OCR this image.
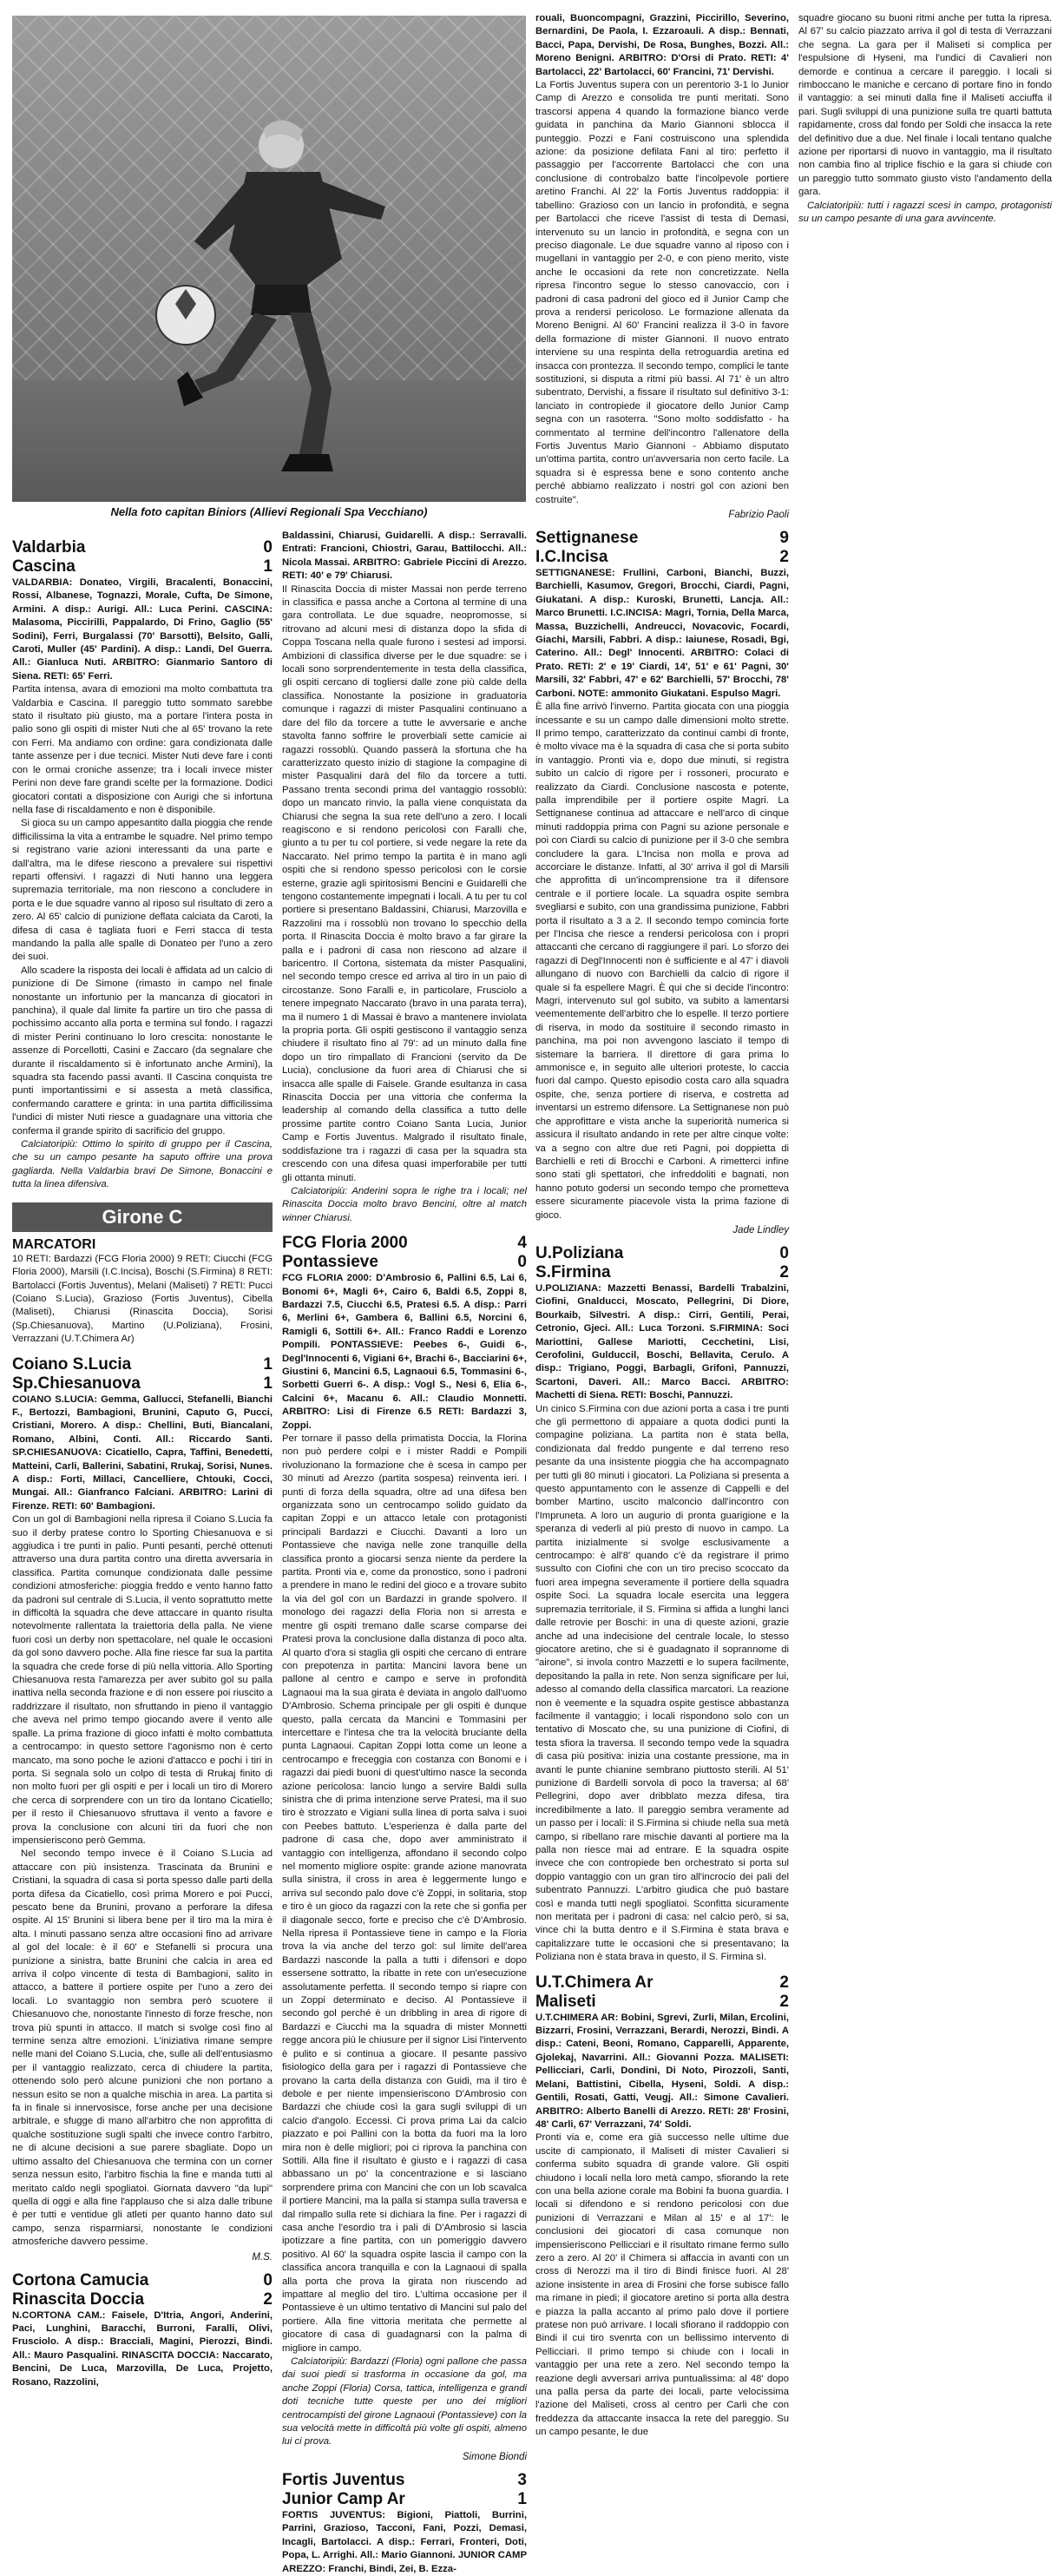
Nella foto capitan Biniors (Allievi Regionali Spa Vecchiano)
Valdarbia	0
Cascina	1
VALDARBIA: Donateo, Virgili, Bracalenti, Bonaccini, Rossi, Albanese, Tognazzi, Morale, Cufta, De Simone, Armini. A disp.: Aurigi. All.: Luca Perini. CASCINA: Malasoma, Piccirilli, Pappalardo, Di Frino, Gaglio (55' Sodini), Ferri, Burgalassi (70' Barsotti), Belsito, Galli, Caroti, Muller (45' Pardini). A disp.: Landi, Del Guerra. All.: Gianluca Nuti. ARBITRO: Gianmario Santoro di Siena. RETI: 65' Ferri.

Partita intensa, avara di emozioni ma molto combattuta tra Valdarbia e Cascina. Il pareggio tutto sommato sarebbe stato il risultato più giusto, ma a portare l'intera posta in palio sono gli ospiti di mister Nuti che al 65' trovano la rete con Ferri. Ma andiamo con ordine: gara condizionata dalle tante assenze per i due tecnici. Mister Nuti deve fare i conti con le ormai croniche assenze; tra i locali invece mister Perini non deve fare grandi scelte per la formazione. Dodici giocatori contati a disposizione con Aurigi che si infortuna nella fase di riscaldamento e non è disponibile.

Si gioca su un campo appesantito dalla pioggia che rende difficilissima la vita a entrambe le squadre. Nel primo tempo si registrano varie azioni interessanti da una parte e dall'altra, ma le difese riescono a prevalere sui rispettivi reparti offensivi. I ragazzi di Nuti hanno una leggera supremazia territoriale, ma non riescono a concludere in porta e le due squadre vanno al riposo sul risultato di zero a zero. Al 65' calcio di punizione deflata calciata da Caroti, la difesa di casa è tagliata fuori e Ferri stacca di testa mandando la palla alle spalle di Donateo per l'uno a zero dei suoi.

Allo scadere la risposta dei locali è affidata ad un calcio di punizione di De Simone (rimasto in campo nel finale nonostante un infortunio per la mancanza di giocatori in panchina), il quale dal limite fa partire un tiro che passa di pochissimo accanto alla porta e termina sul fondo. I ragazzi di mister Perini continuano lo loro crescita: nonostante le assenze di Porcellotti, Casini e Zaccaro (da segnalare che durante il riscaldamento si è infortunato anche Armini), la squadra sta facendo passi avanti. Il Cascina conquista tre punti importantissimi e si assesta a metà classifica, confermando carattere e grinta: in una partita difficilissima l'undici di mister Nuti riesce a guadagnare una vittoria che conferma il grande spirito di sacrificio del gruppo.

Calciatoripiù: Ottimo lo spirito di gruppo per il Cascina, che su un campo pesante ha saputo offrire una prova gagliarda. Nella Valdarbia bravi De Simone, Bonaccini e tutta la linea difensiva.

Girone C
MARCATORI
10 RETI: Bardazzi (FCG Floria 2000) 9 RETI: Ciucchi (FCG Floria 2000), Marsili (I.C.Incisa), Boschi (S.Firmina) 8 RETI: Bartolacci (Fortis Juventus), Melani (Maliseti) 7 RETI: Pucci (Coiano S.Lucia), Grazioso (Fortis Juventus), Cibella (Maliseti), Chiarusi (Rinascita Doccia), Sorisi (Sp.Chiesanuova), Martino (U.Poliziana), Frosini, Verrazzani (U.T.Chimera Ar)
Coiano S.Lucia	1
Sp.Chiesanuova	1
COIANO S.LUCIA: Gemma, Gallucci, Stefanelli, Bianchi F., Bertozzi, Bambagioni, Brunini, Caputo G, Pucci, Cristiani, Morero. A disp.: Chellini, Buti, Biancalani, Romano, Albini, Conti. All.: Riccardo Santi. SP.CHIESANUOVA: Cicatiello, Capra, Taffini, Benedetti, Matteini, Carli, Ballerini, Sabatini, Rrukaj, Sorisi, Nunes. A disp.: Forti, Millaci, Cancelliere, Chtouki, Cocci, Mungai. All.: Gianfranco Falciani. ARBITRO: Larini di Firenze. RETI: 60' Bambagioni.

Con un gol di Bambagioni nella ripresa il Coiano S.Lucia fa suo il derby pratese contro lo Sporting Chiesanuova e si aggiudica i tre punti in palio. Punti pesanti, perché ottenuti attraverso una dura partita contro una diretta avversaria in classifica. Partita comunque condizionata dalle pessime condizioni atmosferiche: pioggia freddo e vento hanno fatto da padroni sul centrale di S.Lucia, il vento soprattutto mette in difficoltà la squadra che deve attaccare in quanto risulta notevolmente rallentata la traiettoria della palla. Ne viene fuori così un derby non spettacolare, nel quale le occasioni da gol sono davvero poche. Alla fine riesce far sua la partita la squadra che crede forse di più nella vittoria. Allo Sporting Chiesanuova resta l'amarezza per aver subito gol su palla inattiva nella seconda frazione e di non essere poi riuscito a raddrizzare il risultato, non sfruttando in pieno il vantaggio che aveva nel primo tempo giocando avere il vento alle spalle. La prima frazione di gioco infatti è molto combattuta a centrocampo: in questo settore l'agonismo non è certo mancato, ma sono poche le azioni d'attacco e pochi i tiri in porta. Si segnala solo un colpo di testa di Rrukaj finito di non molto fuori per gli ospiti e per i locali un tiro di Morero che cerca di sorprendere con un tiro da lontano Cicatiello; per il resto il Chiesanuovo sfruttava il vento a favore e prova la conclusione con alcuni tiri da fuori che non impensieriscono però Gemma.

Nel secondo tempo invece è il Coiano S.Lucia ad attaccare con più insistenza. Trascinata da Brunini e Cristiani, la squadra di casa si porta spesso dalle parti della porta difesa da Cicatiello, così prima Morero e poi Pucci, pescato bene da Brunini, provano a perforare la difesa ospite. Al 15' Brunini si libera bene per il tiro ma la mira è alta. I minuti passano senza altre occasioni fino ad arrivare al gol del locale: è il 60' e Stefanelli si procura una punizione a sinistra, batte Brunini che calcia in area ed arriva il colpo vincente di testa di Bambagioni, salito in attacco, a battere il portiere ospite per l'uno a zero dei locali. Lo svantaggio non sembra però scuotere il Chiesanuovo che, nonostante l'innesto di forze fresche, non trova più spunti in attacco. Il match si svolge così fino al termine senza altre emozioni. L'iniziativa rimane sempre nelle mani del Coiano S.Lucia, che, sulle ali dell'entusiasmo per il vantaggio realizzato, cerca di chiudere la partita, ottenendo solo però alcune punizioni che non portano a nessun esito se non a qualche mischia in area. La partita si fa in finale si innervosisce, forse anche per una decisione arbitrale, e sfugge di mano all'arbitro che non approfitta di qualche sostituzione sugli spalti che invece contro l'arbitro, ne di alcune decisioni a sue parere sbagliate. Dopo un ultimo assalto del Chiesanuova che termina con un corner senza nessun esito, l'arbitro fischia la fine e manda tutti al meritato caldo negli spogliatoi. Giornata davvero "da lupi" quella di oggi e alla fine l'applauso che si alza dalle tribune è per tutti e ventidue gli atleti per quanto hanno dato sul campo, senza risparmiarsi, nonostante le condizioni atmosferiche davvero pessime.

M.S.
Cortona Camucia	0
Rinascita Doccia	2
N.CORTONA CAM.: Faisele, D'Itria, Angori, Anderini, Paci, Lunghini, Baracchi, Burroni, Faralli, Olivi, Frusciolo. A disp.: Bracciali, Magini, Pierozzi, Bindi. All.: Mauro Pasqualini. RINASCITA DOCCIA: Naccarato, Bencini, De Luca, Marzovilla, De Luca, Projetto, Rosano, Razzolini,
Baldassini, Chiarusi, Guidarelli. A disp.: Serravalli. Entrati: Francioni, Chiostri, Garau, Battilocchi. All.: Nicola Massai. ARBITRO: Gabriele Piccini di Arezzo. RETI: 40' e 79' Chiarusi.

Il Rinascita Doccia di mister Massai non perde terreno in classifica e passa anche a Cortona al termine di una gara controllata. Le due squadre, neopromosse, si ritrovano ad alcuni mesi di distanza dopo la sfida di Coppa Toscana nella quale furono i sestesi ad imporsi. Ambizioni di classifica diverse per le due squadre: se i locali sono sorprendentemente in testa della classifica, gli ospiti cercano di togliersi dalle zone più calde della classifica. Nonostante la posizione in graduatoria comunque i ragazzi di mister Pasqualini continuano a dare del filo da torcere a tutte le avversarie e anche stavolta fanno soffrire le proverbiali sette camicie ai ragazzi rossoblù. Quando passerà la sfortuna che ha caratterizzato questo inizio di stagione la compagine di mister Pasqualini darà del filo da torcere a tutti. Passano trenta secondi prima del vantaggio rossoblù: dopo un mancato rinvio, la palla viene conquistata da Chiarusi che segna la sua rete dell'uno a zero. I locali reagiscono e si rendono pericolosi con Faralli che, giunto a tu per tu col portiere, si vede negare la rete da Naccarato. Nel primo tempo la partita è in mano agli ospiti che si rendono spesso pericolosi con le corsie esterne, grazie agli spiritosismi Bencini e Guidarelli che tengono costantemente impegnati i locali. A tu per tu col portiere si presentano Baldassini, Chiarusi, Marzovilla e Razzolini ma i rossoblù non trovano lo specchio della porta. Il Rinascita Doccia è molto bravo a far girare la palla e i padroni di casa non riescono ad alzare il baricentro. Il Cortona, sistemata da mister Pasqualini, nel secondo tempo cresce ed arriva al tiro in un paio di circostanze. Sono Faralli e, in particolare, Frusciolo a tenere impegnato Naccarato (bravo in una parata terra), ma il numero 1 di Massai è bravo a mantenere inviolata la propria porta. Gli ospiti gestiscono il vantaggio senza chiudere il risultato fino al 79': ad un minuto dalla fine dopo un tiro rimpallato di Francioni (servito da De Lucia), conclusione da fuori area di Chiarusi che si insacca alle spalle di Faisele. Grande esultanza in casa Rinascita Doccia per una vittoria che conferma la leadership al comando della classifica a tutto delle prossime partite contro Coiano Santa Lucia, Junior Camp e Fortis Juventus. Malgrado il risultato finale, soddisfazione tra i ragazzi di casa per la squadra sta crescendo con una difesa quasi imperforabile per tutti gli ottanta minuti.

Calciatoripiù: Anderini sopra le righe tra i locali; nel Rinascita Doccia molto bravo Bencini, oltre al match winner Chiarusi.

FCG Floria 2000	4
Pontassieve	0
FCG FLORIA 2000: D'Ambrosio 6, Pallini 6.5, Lai 6, Bonomi 6+, Magli 6+, Cairo 6, Baldi 6.5, Zoppi 8, Bardazzi 7.5, Ciucchi 6.5, Pratesi 6.5. A disp.: Parri 6, Merlini 6+, Gambera 6, Ballini 6.5, Norcini 6, Ramigli 6, Sottili 6+. All.: Franco Raddi e Lorenzo Pompili. PONTASSIEVE: Peebes 6-, Guidi 6-, Degl'Innocenti 6, Vigiani 6+, Brachi 6-, Bacciarini 6+, Giustini 6, Mancini 6.5, Lagnaoui 6.5, Tommasini 6-, Sorbetti Guerri 6-. A disp.: Vogl S., Nesi 6, Elia 6-, Calcini 6+, Macanu 6. All.: Claudio Monnetti. ARBITRO: Lisi di Firenze 6.5 RETI: Bardazzi 3, Zoppi.

Per tornare il passo della primatista Doccia, la Florina non può perdere colpi e i mister Raddi e Pompili rivoluzionano la formazione che è scesa in campo per 30 minuti ad Arezzo (partita sospesa) reinventa ieri. I punti di forza della squadra, oltre ad una difesa ben organizzata sono un centrocampo solido guidato da capitan Zoppi e un attacco letale con protagonisti principali Bardazzi e Ciucchi. Davanti a loro un Pontassieve che naviga nelle zone tranquille della classifica pronto a giocarsi senza niente da perdere la partita. Pronti via e, come da pronostico, sono i padroni a prendere in mano le redini del gioco e a trovare subito la via del gol con un Bardazzi in grande spolvero. Il monologo dei ragazzi della Floria non si arresta e mentre gli ospiti tremano dalle scarse comparse dei Pratesi prova la conclusione dalla distanza di poco alta. Al quarto d'ora si staglia gli ospiti che cercano di entrare con prepotenza in partita: Mancini lavora bene un pallone al centro e campo e serve in profondità Lagnaoui ma la sua girata è deviata in angolo dall'uomo D'Ambrosio. Schema principale per gli ospiti è dunque questo, palla cercata da Mancini e Tommasini per intercettare e l'intesa che tra la velocità bruciante della punta Lagnaoui. Capitan Zoppi lotta come un leone a centrocampo e freceggia con costanza con Bonomi e i ragazzi dai piedi buoni di quest'ultimo nasce la seconda azione pericolosa: lancio lungo a servire Baldi sulla sinistra che di prima intenzione serve Pratesi, ma il suo tiro è strozzato e Vigiani sulla linea di porta salva i suoi con Peebes battuto. L'esperienza è dalla parte del padrone di casa che, dopo aver amministrato il vantaggio con intelligenza, affondano il secondo colpo nel momento migliore ospite: grande azione manovrata sulla sinistra, il cross in area è leggermente lungo e arriva sul secondo palo dove c'è Zoppi, in solitaria, stop e tiro è un gioco da ragazzi con la rete che si gonfia per il diagonale secco, forte e preciso che c'è D'Ambrosio. Nella ripresa il Pontassieve tiene in campo e la Floria trova la via anche del terzo gol: sul limite dell'area Bardazzi nasconde la palla a tutti i difensori e dopo essersene sottratto, la ribatte in rete con un'esecuzione assolutamente perfetta. Il secondo tempo si riapre con un Zoppi determinato e deciso. Al Pontassieve il secondo gol perché è un dribbling in area di rigore di Bardazzi e Ciucchi ma la squadra di mister Monnetti regge ancora più le chiusure per il signor Lisi l'intervento è pulito e si continua a giocare. Il pesante passivo fisiologico della gara per i ragazzi di Pontassieve che provano la carta della distanza con Guidi, ma il tiro è debole e per niente impensieriscono D'Ambrosio con Bardazzi che chiude così la gara sugli sviluppi di un calcio d'angolo. Eccessi. Ci prova prima Lai da calcio piazzato e poi Pallini con la botta da fuori ma la loro mira non è delle migliori; poi ci riprova la panchina con Sottili. Alla fine il risultato è giusto e i ragazzi di casa abbassano un po' la concentrazione e si lasciano sorprendere prima con Mancini che con un lob scavalca il portiere Mancini, ma la palla si stampa sulla traversa e dal rimpallo sulla rete si dichiara la fine. Per i ragazzi di casa anche l'esordio tra i pali di D'Ambrosio si lascia ipotizzare a fine partita, con un pomeriggio davvero positivo. Al 60' la squadra ospite lascia il campo con la classifica ancora tranquilla e con la Lagnaoui di spalla alla porta che prova la girata non riuscendo ad impattare al meglio del tiro. L'ultima occasione per il Pontassieve è un ultimo tentativo di Mancini sul palo del portiere. Alla fine vittoria meritata che permette al giocatore di casa di guadagnarsi con la palma di migliore in campo.

Calciatoripiù: Bardazzi (Floria) ogni pallone che passa dai suoi piedi si trasforma in occasione da gol, ma anche Zoppi (Floria) Corsa, tattica, intelligenza e grandi doti tecniche tutte queste per uno dei migliori centrocampisti del girone Lagnaoui (Pontassieve) con la sua velocità mette in difficoltà più volte gli ospiti, almeno lui ci prova.

Simone Biondi
Fortis Juventus	3
Junior Camp Ar	1
FORTIS JUVENTUS: Bigioni, Piattoli, Burrini, Parrini, Grazioso, Tacconi, Fani, Pozzi, Demasi, Incagli, Bartolacci. A disp.: Ferrari, Fronteri, Doti, Popa, L. Arrighi. All.: Mario Giannoni. JUNIOR CAMP AREZZO: Franchi, Bindi, Zei, B. Ezza-
rouali, Buoncompagni, Grazzini, Piccirillo, Severino, Bernardini, De Paola, I. Ezzaroauli. A disp.: Bennati, Bacci, Papa, Dervishi, De Rosa, Bunghes, Bozzi. All.: Moreno Benigni. ARBITRO: D'Orsi di Prato. RETI: 4' Bartolacci, 22' Bartolacci, 60' Francini, 71' Dervishi.

La Fortis Juventus supera con un perentorio 3-1 lo Junior Camp di Arezzo e consolida tre punti meritati. Sono trascorsi appena 4 quando la formazione bianco verde guidata in panchina da Mario Giannoni sblocca il punteggio. Pozzi e Fani costruiscono una splendida azione: da posizione defilata Fani al tiro: perfetto il passaggio per l'accorrente Bartolacci che con una conclusione di controbalzo batte l'incolpevole portiere aretino Franchi. Al 22' la Fortis Juventus raddoppia: il tabellino: Grazioso con un lancio in profondità, e segna per Bartolacci che riceve l'assist di testa di Demasi, intervenuto su un lancio in profondità, e segna con un preciso diagonale. Le due squadre vanno al riposo con i mugellani in vantaggio per 2-0, e con pieno merito, viste anche le occasioni da rete non concretizzate. Nella ripresa l'incontro segue lo stesso canovaccio, con i padroni di casa padroni del gioco ed il Junior Camp che prova a rendersi pericoloso. Le formazione allenata da Moreno Benigni. Al 60' Francini realizza il 3-0 in favore della formazione di mister Giannoni. Il nuovo entrato interviene su una respinta della retroguardia aretina ed insacca con prontezza. Il secondo tempo, complici le tante sostituzioni, si disputa a ritmi più bassi. Al 71' è un altro subentrato, Dervishi, a fissare il risultato sul definitivo 3-1: lanciato in contropiede il giocatore dello Junior Camp segna con un rasoterra. "Sono molto soddisfatto - ha commentato al termine dell'incontro l'allenatore della Fortis Juventus Mario Giannoni - Abbiamo disputato un'ottima partita, contro un'avversaria non certo facile. La squadra si è espressa bene e sono contento anche perché abbiamo realizzato i nostri gol con azioni ben costruite".

Fabrizio Paoli
Settignanese	9
I.C.Incisa	2
SETTIGNANESE: Frullini, Carboni, Bianchi, Buzzi, Barchielli, Kasumov, Gregori, Brocchi, Ciardi, Pagni, Giukatani. A disp.: Kuroski, Brunetti, Lancja. All.: Marco Brunetti. I.C.INCISA: Magri, Tornia, Della Marca, Massa, Buzzichelli, Andreucci, Novacovic, Focardi, Giachi, Marsili, Fabbri. A disp.: Iaiunese, Rosadi, Bgi, Caterino. All.: Degl' Innocenti. ARBITRO: Colaci di Prato. RETI: 2' e 19' Ciardi, 14', 51' e 61' Pagni, 30' Marsili, 32' Fabbri, 47' e 62' Barchielli, 57' Brocchi, 78' Carboni. NOTE: ammonito Giukatani. Espulso Magri.

È alla fine arrivò l'inverno. Partita giocata con una pioggia incessante e su un campo dalle dimensioni molto strette. Il primo tempo, caratterizzato da continui cambi di fronte, è molto vivace ma è la squadra di casa che si porta subito in vantaggio. Pronti via e, dopo due minuti, si registra subito un calcio di rigore per i rossoneri, procurato e realizzato da Ciardi. Conclusione nascosta e potente, palla imprendibile per il portiere ospite Magri. La Settignanese continua ad attaccare e nell'arco di cinque minuti raddoppia prima con Pagni su azione personale e poi con Ciardi su calcio di punizione per il 3-0 che sembra concludere la gara. L'Incisa non molla e prova ad accorciare le distanze. Infatti, al 30' arriva il gol di Marsili che approfitta di un'incomprensione tra il difensore centrale e il portiere locale. La squadra ospite sembra svegliarsi e subito, con una grandissima punizione, Fabbri porta il risultato a 3 a 2. Il secondo tempo comincia forte per l'Incisa che riesce a rendersi pericolosa con i propri attaccanti che cercano di raggiungere il pari. Lo sforzo dei ragazzi di Degl'Innocenti non è sufficiente e al 47' i diavoli allungano di nuovo con Barchielli da calcio di rigore il quale si fa espellere Magri. È qui che si decide l'incontro: Magri, intervenuto sul gol subito, va subito a lamentarsi veementemente dell'arbitro che lo espelle. Il terzo portiere di riserva, in modo da sostituire il secondo rimasto in panchina, ma poi non avvengono lasciato il tempo di sistemare la barriera. Il direttore di gara prima lo ammonisce e, in seguito alle ulteriori proteste, lo caccia fuori dal campo. Questo episodio costa caro alla squadra ospite, che, senza portiere di riserva, e costretta ad inventarsi un estremo difensore. La Settignanese non può che approfittare e vista anche la superiorità numerica si assicura il risultato andando in rete per altre cinque volte: va a segno con altre due reti Pagni, poi doppietta di Barchielli e reti di Brocchi e Carboni. A rimetterci infine sono stati gli spettatori, che infreddoliti e bagnati, non hanno potuto godersi un secondo tempo che prometteva essere sicuramente piacevole vista la prima fazione di gioco.

Jade Lindley
U.Poliziana	0
S.Firmina	2
U.POLIZIANA: Mazzetti Benassi, Bardelli Trabalzini, Ciofini, Gnalducci, Moscato, Pellegrini, Di Diore, Bourkaib, Silvestri. A disp.: Cirri, Gentili, Perai, Cetronio, Gjeci. All.: Luca Torzoni. S.FIRMINA: Soci Mariottini, Gallese Mariotti, Cecchetini, Lisi, Cerofolini, Gulduccil, Boschi, Bellavita, Cerulo. A disp.: Trigiano, Poggi, Barbagli, Grifoni, Pannuzzi, Scartoni, Daveri. All.: Marco Bacci. ARBITRO: Machetti di Siena. RETI: Boschi, Pannuzzi.

Un cinico S.Firmina con due azioni porta a casa i tre punti che gli permettono di appaiare a quota dodici punti la compagine poliziana. La partita non è stata bella, condizionata dal freddo pungente e dal terreno reso pesante da una insistente pioggia che ha accompagnato per tutti gli 80 minuti i giocatori. La Poliziana si presenta a questo appuntamento con le assenze di Cappelli e del bomber Martino, uscito malconcio dall'incontro con l'Impruneta. A loro un augurio di pronta guarigione e la speranza di vederli al più presto di nuovo in campo. La partita inizialmente si svolge esclusivamente a centrocampo: è all'8' quando c'è da registrare il primo sussulto con Ciofini che con un tiro preciso scoccato da fuori area impegna severamente il portiere della squadra ospite Soci. La squadra locale esercita una leggera supremazia territoriale, il S. Firmina si affida a lunghi lanci dalle retrovie per Boschi: in una di queste azioni, grazie anche ad una indecisione del centrale locale, lo stesso giocatore aretino, che si è guadagnato il soprannome di "airone", si invola contro Mazzetti e lo supera facilmente, depositando la palla in rete. Non senza significare per lui, adesso al comando della classifica marcatori. La reazione non è veemente e la squadra ospite gestisce abbastanza facilmente il vantaggio; i locali rispondono solo con un tentativo di Moscato che, su una punizione di Ciofini, di testa sfiora la traversa. Il secondo tempo vede la squadra di casa più positiva: inizia una costante pressione, ma in avanti le punte chianine sembrano piuttosto sterili. Al 51' punizione di Bardelli sorvola di poco la traversa; al 68' Pellegrini, dopo aver dribblato mezza difesa, tira incredibilmente a lato. Il pareggio sembra veramente ad un passo per i locali: il S.Firmina si chiude nella sua metà campo, si ribellano rare mischie davanti al portiere ma la palla non riesce mai ad entrare. E la squadra ospite invece che con contropiede ben orchestrato si porta sul doppio vantaggio con un gran tiro all'incrocio dei pali del subentrato Pannuzzi. L'arbitro giudica che può bastare così e manda tutti negli spogliatoi. Sconfitta sicuramente non meritata per i padroni di casa: nel calcio però, si sa, vince chi la butta dentro e il S.Firmina è stata brava e capitalizzare tutte le occasioni che si presentavano; la Poliziana non è stata brava in questo, il S. Firmina sì.

U.T.Chimera Ar	2
Maliseti	2
U.T.CHIMERA AR: Bobini, Sgrevi, Zurli, Milan, Ercolini, Bizzarri, Frosini, Verrazzani, Berardi, Nerozzi, Bindi. A disp.: Cateni, Beoni, Romano, Capparelli, Apparente, Gjolekaj, Navarrini. All.: Giovanni Pozza. MALISETI: Pellicciari, Carli, Dondini, Di Noto, Pirozzoli, Santi, Melani, Battistini, Cibella, Hyseni, Soldi. A disp.: Gentili, Rosati, Gatti, Veugj. All.: Simone Cavalieri. ARBITRO: Alberto Banelli di Arezzo. RETI: 28' Frosini, 48' Carli, 67' Verrazzani, 74' Soldi.

Pronti via e, come era già successo nelle ultime due uscite di campionato, il Maliseti di mister Cavalieri si conferma subito squadra di grande valore. Gli ospiti chiudono i locali nella loro metà campo, sfiorando la rete con una bella azione corale ma Bobini fa buona guardia. I locali si difendono e si rendono pericolosi con due punizioni di Verrazzani e Milan al 15' e al 17': le conclusioni dei giocatori di casa comunque non impensieriscono Pellicciari e il risultato rimane fermo sullo zero a zero. Al 20' il Chimera si affaccia in avanti con un cross di Nerozzi ma il tiro di Bindi finisce fuori. Al 28' azione insistente in area di Frosini che forse subisce fallo ma rimane in piedi; il giocatore aretino si porta alla destra e piazza la palla accanto al primo palo dove il portiere pratese non può arrivare. I locali sfiorano il raddoppio con Bindi il cui tiro svenrta con un bellissimo intervento di Pellicciari. Il primo tempo si chiude con i locali in vantaggio per una rete a zero. Nel secondo tempo la reazione degli avversari arriva puntualissima: al 48' dopo una palla persa da parte dei locali, parte velocissima l'azione del Maliseti, cross al centro per Carli che con freddezza da attaccante insacca la rete del pareggio. Su un campo pesante, le due

squadre giocano su buoni ritmi anche per tutta la ripresa. Al 67' su calcio piazzato arriva il gol di testa di Verrazzani che segna. La gara per il Maliseti si complica per l'espulsione di Hyseni, ma l'undici di Cavalieri non demorde e continua a cercare il pareggio. I locali si rimboccano le maniche e cercano di portare fino in fondo il vantaggio: a sei minuti dalla fine il Maliseti acciuffa il pari. Sugli sviluppi di una punizione sulla tre quarti battuta rapidamente, cross dal fondo per Soldi che insacca la rete del definitivo due a due. Nel finale i locali tentano qualche azione per riportarsi di nuovo in vantaggio, ma il risultato non cambia fino al triplice fischio e la gara si chiude con un pareggio tutto sommato giusto visto l'andamento della gara.

Calciatoripiù: tutti i ragazzi scesi in campo, protagonisti su un campo pesante di una gara avvincente.
